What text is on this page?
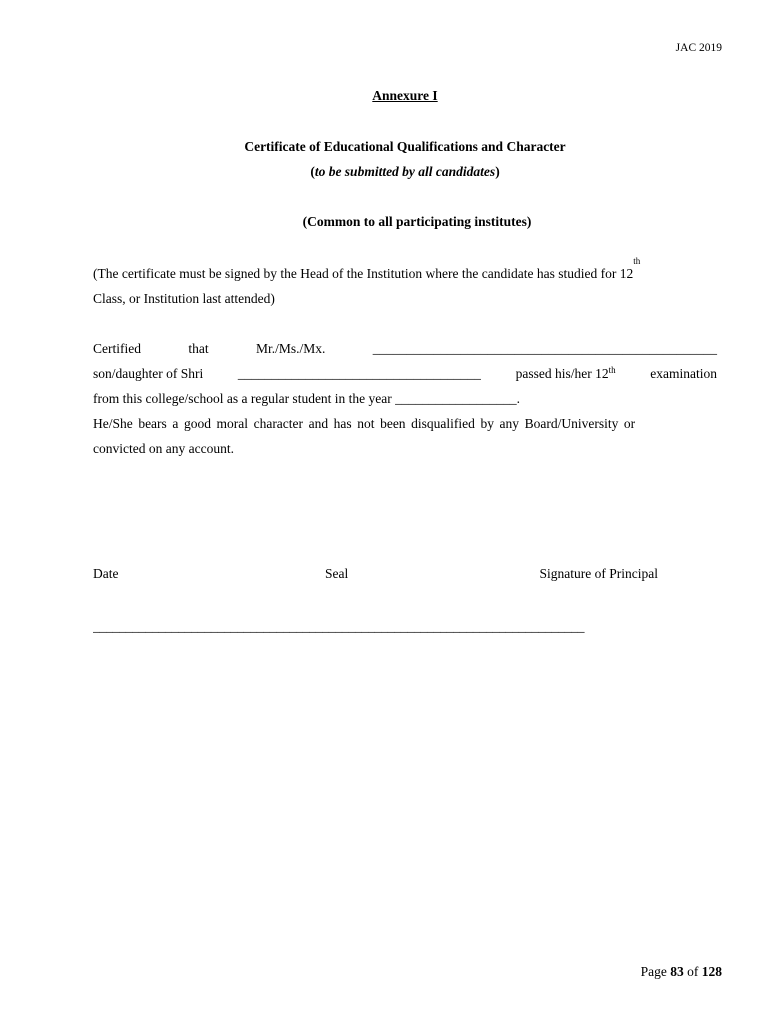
JAC 2019
Annexure I
Certificate of Educational Qualifications and Character
(to be submitted by all candidates)
(Common to all participating institutes)
(The certificate must be signed by the Head of the Institution where the candidate has studied for 12
th
Class, or Institution last attended)
Certified	that	Mr./Ms./Mx.	___________________________________________________
son/daughter of Shri	____________________________________	passed his/her 12th	examination
from this college/school as a regular student in the year __________________.
He/She bears a good moral character and has not been disqualified by any Board/University or
convicted on any account.
Date	Seal	Signature of Principal
___________________________________________________________________________
Page 83 of 128
